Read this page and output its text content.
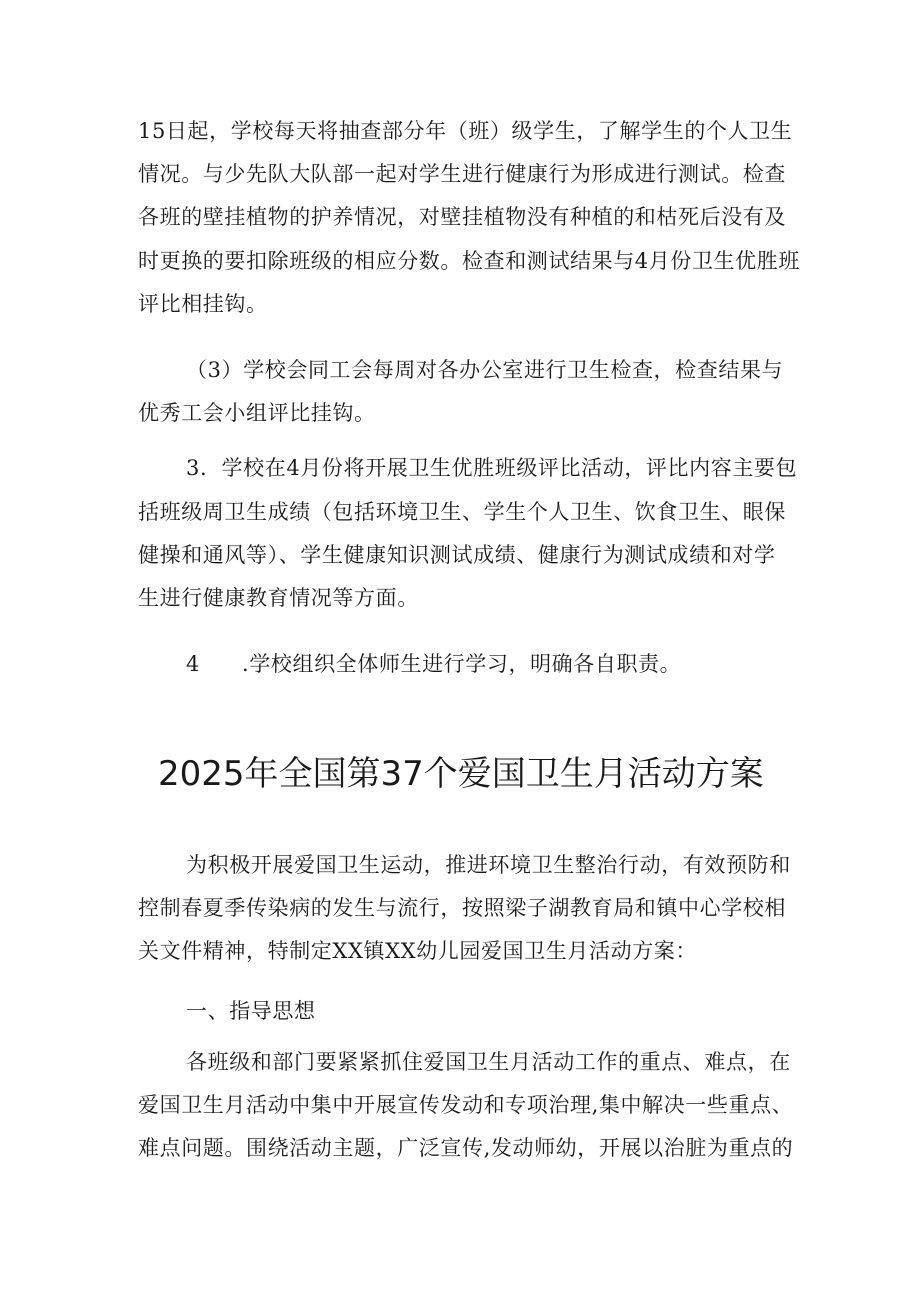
15日起，学校每天将抽查部分年（班）级学生，了解学生的个人卫生
情况。与少先队大队部一起对学生进行健康行为形成进行测试。检查
各班的壁挂植物的护养情况，对壁挂植物没有种植的和枯死后没有及
时更换的要扣除班级的相应分数。检查和测试结果与4月份卫生优胜班
评比相挂钩。
（3）学校会同工会每周对各办公室进行卫生检查，检查结果与
优秀工会小组评比挂钩。
3．学校在4月份将开展卫生优胜班级评比活动，评比内容主要包
括班级周卫生成绩（包括环境卫生、学生个人卫生、饮食卫生、眼保
健操和通风等）、学生健康知识测试成绩、健康行为测试成绩和对学
生进行健康教育情况等方面。
4 .学校组织全体师生进行学习，明确各自职责。
2025年全国第37个爱国卫生月活动方案
为积极开展爱国卫生运动，推进环境卫生整治行动，有效预防和
控制春夏季传染病的发生与流行，按照梁子湖教育局和镇中心学校相
关文件精神，特制定XX镇XX幼儿园爱国卫生月活动方案：
一、指导思想
各班级和部门要紧紧抓住爱国卫生月活动工作的重点、难点，在
爱国卫生月活动中集中开展宣传发动和专项治理,集中解决一些重点、
难点问题。围绕活动主题，广泛宣传,发动师幼，开展以治脏为重点的
